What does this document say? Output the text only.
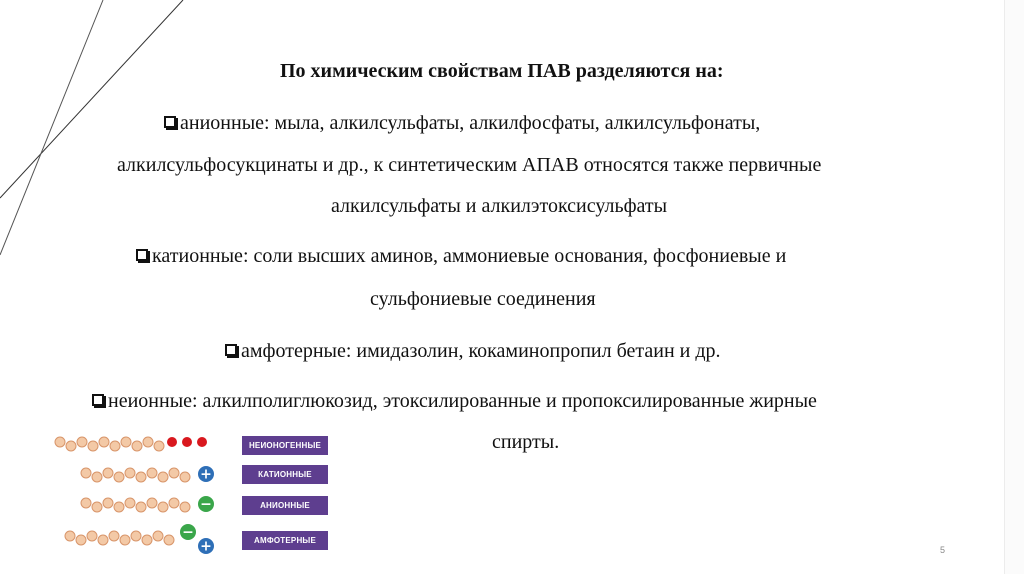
По химическим свойствам ПАВ разделяются на:
анионные: мыла, алкилсульфаты, алкилфосфаты, алкилсульфонаты,
алкилсульфосукцинаты и др., к синтетическим АПАВ относятся также первичные
алкилсульфаты и алкилэтоксисульфаты
катионные: соли высших аминов, аммониевые основания, фосфониевые и
сульфониевые соединения
амфотерные: имидазолин, кокаминопропил бетаин и др.
неионные: алкилполиглюкозид, этоксилированные и пропоксилированные жирные
спирты.
+
−
−
+
НЕИОНОГЕННЫЕ
КАТИОННЫЕ
АНИОННЫЕ
АМФОТЕРНЫЕ
5
